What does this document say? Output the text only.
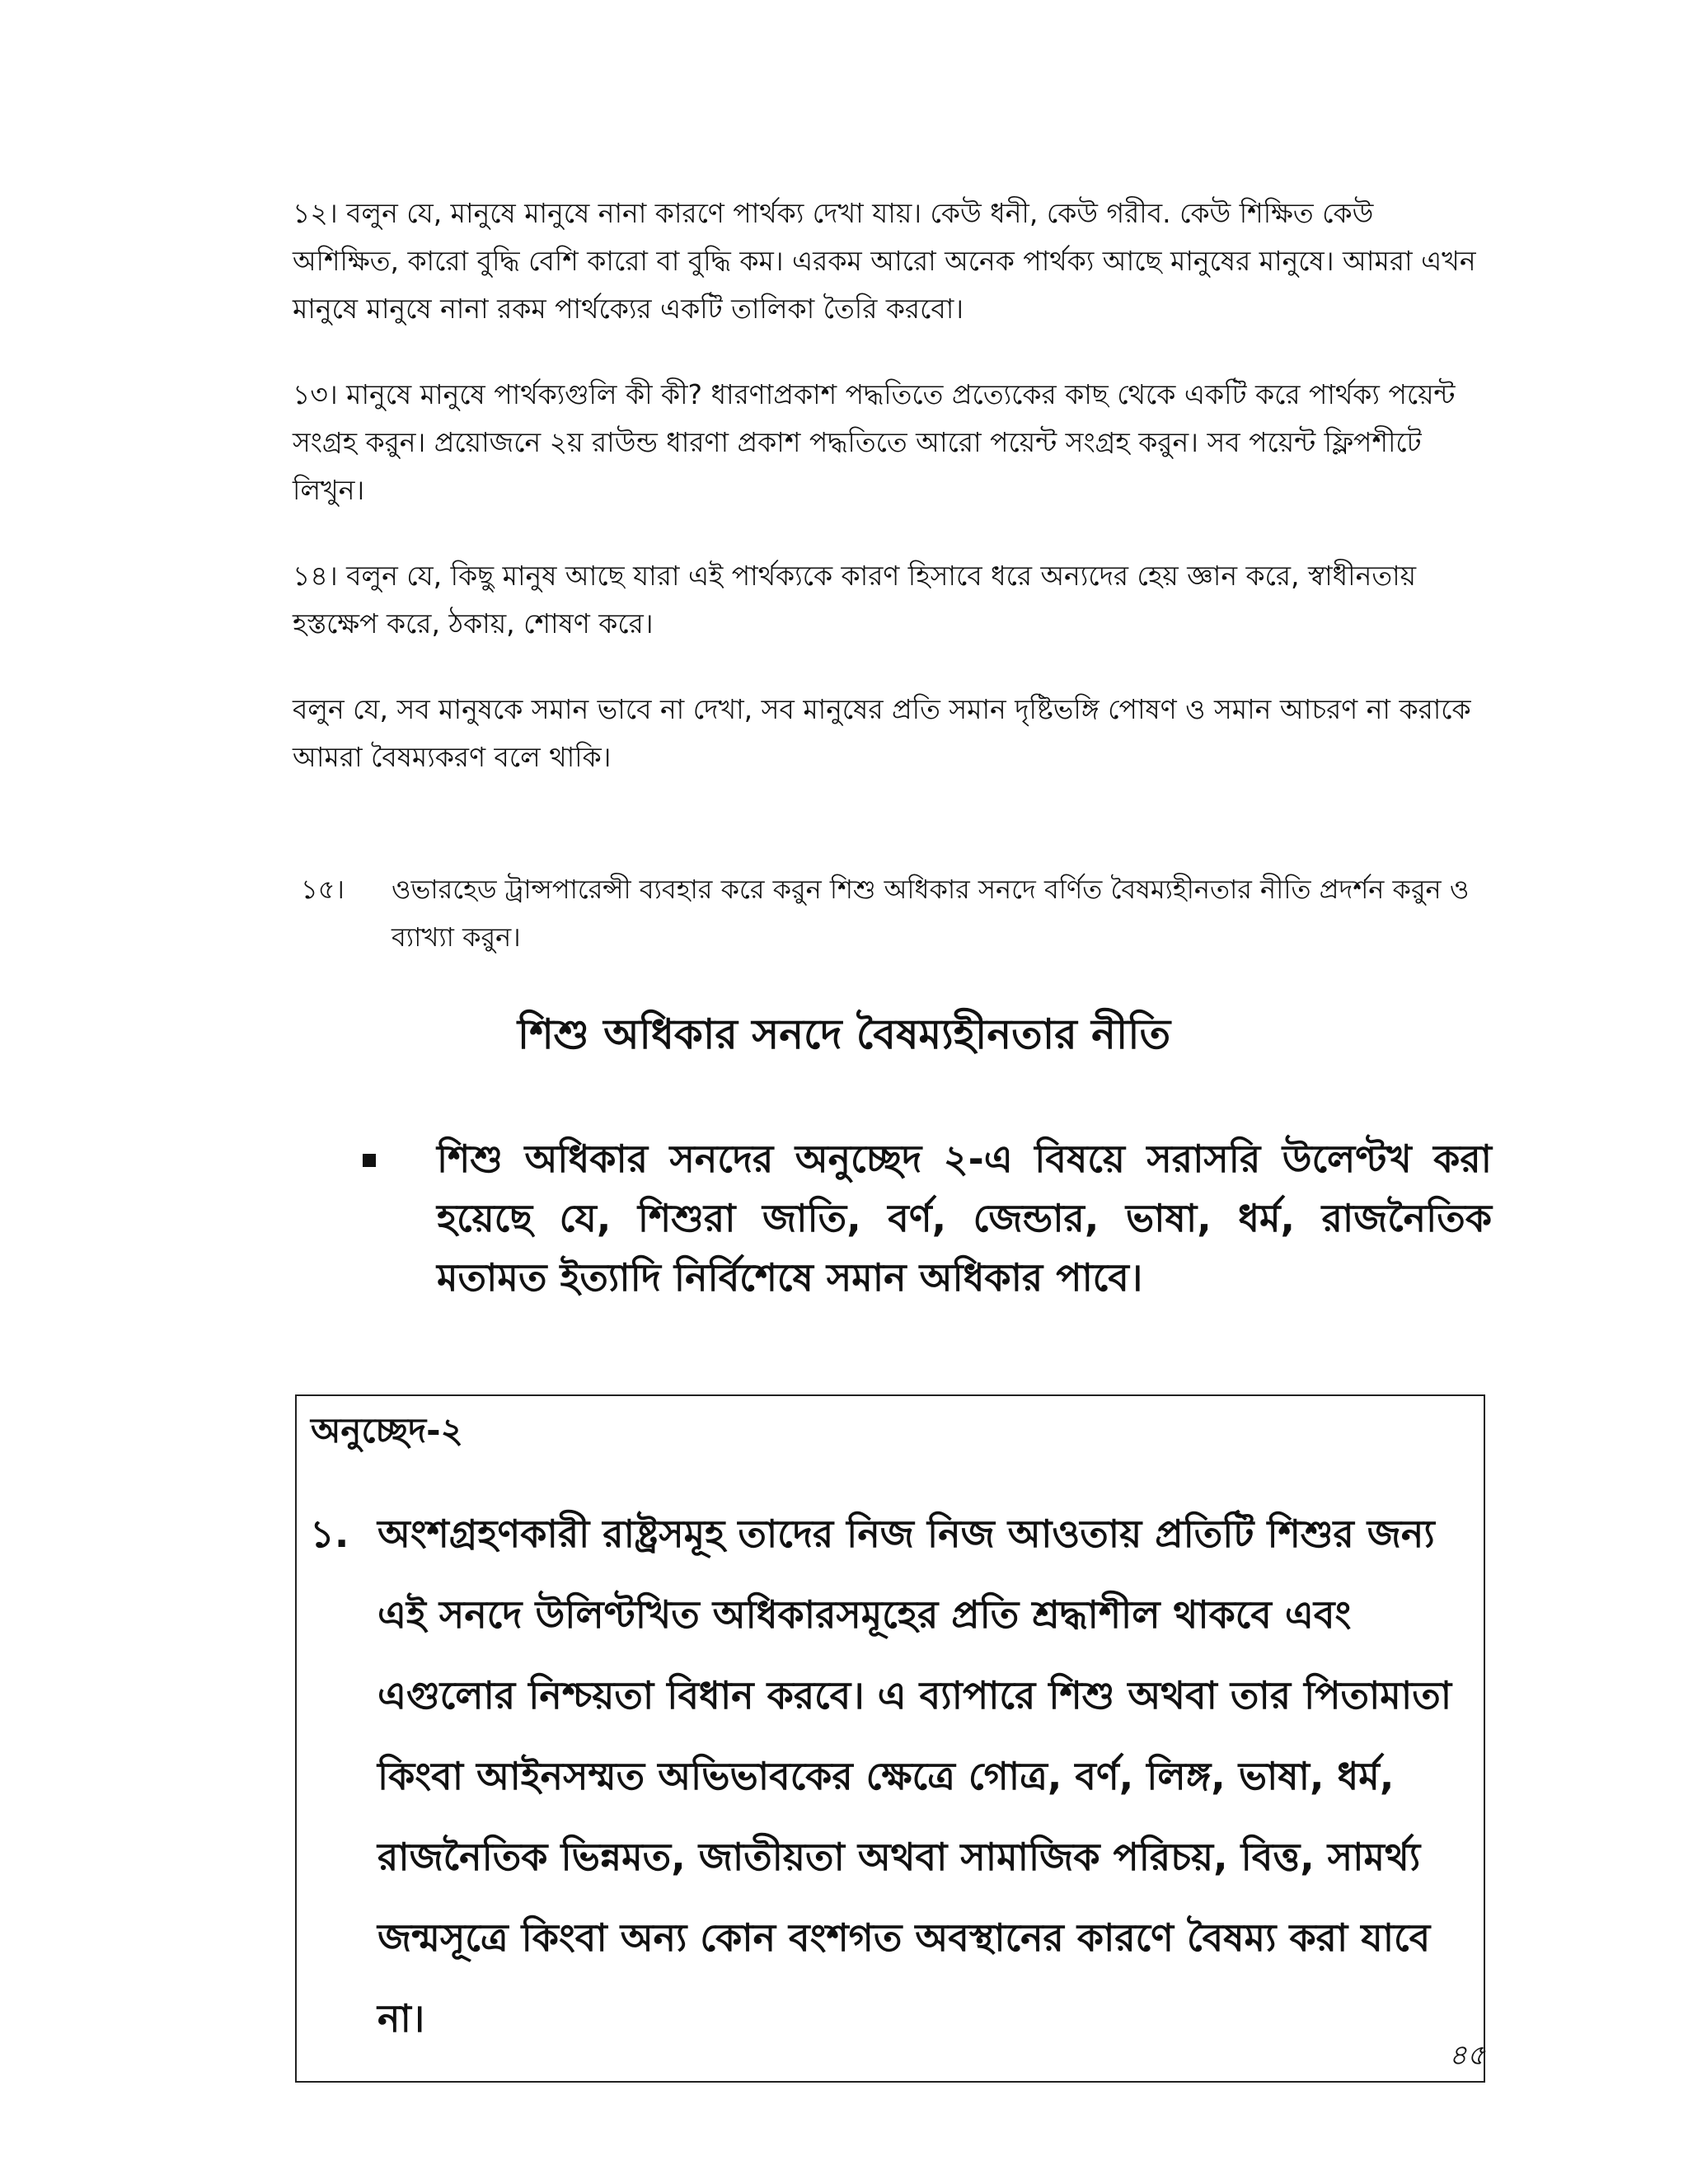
১২। বলুন যে, মানুষে মানুষে নানা কারণে পার্থক্য দেখা যায়। কেউ ধনী, কেউ গরীব. কেউ শিক্ষিত কেউ অশিক্ষিত, কারো বুদ্ধি বেশি কারো বা বুদ্ধি কম। এরকম আরো অনেক পার্থক্য আছে মানুষের মানুষে। আমরা এখন মানুষে মানুষে নানা রকম পার্থক্যের একটি তালিকা তৈরি করবো।

১৩। মানুষে মানুষে পার্থক্যগুলি কী কী? ধারণাপ্রকাশ পদ্ধতিতে প্রত্যেকের কাছ থেকে একটি করে পার্থক্য পয়েন্ট সংগ্রহ কর‍ুন। প্রয়োজনে ২য় রাউন্ড ধারণা প্রকাশ পদ্ধতিতে আরো পয়েন্ট সংগ্রহ কর‍ুন। সব পয়েন্ট ফ্লিপশীটে লিখুন।

১৪। বলুন যে, কিছু মানুষ আছে যারা এই পার্থক্যকে কারণ হিসাবে ধরে অন্যদের হেয় জ্ঞান করে, স্বাধীনতায় হস্তক্ষেপ করে, ঠকায়, শোষণ করে।

বলুন যে, সব মানুষকে সমান ভাবে না দেখা, সব মানুষের প্রতি সমান দৃষ্টিভঙ্গি পোষণ ও সমান আচরণ না করাকে আমরা বৈষম্যকরণ বলে থাকি।

১৫।	ওভারহেড ট্রান্সপারেন্সী ব্যবহার করে কর‍ুন শিশু অধিকার সনদে বর্ণিত বৈষম্যহীনতার নীতি প্রদর্শন কর‍ুন ও ব্যাখ্যা কর‍ুন।
শিশু অধিকার সনদে বৈষম্যহীনতার নীতি

শিশু অধিকার সনদের অনুচ্ছেদ ২-এ বিষয়ে সরাসরি উলেণ্টখ করা হয়েছে যে, শিশুরা জাতি, বর্ণ, জেন্ডার, ভাষা, ধর্ম, রাজনৈতিক মতামত ইত্যাদি নির্বিশেষে সমান অধিকার পাবে।

অনুচ্ছেদ-২

১. অংশগ্রহণকারী রাষ্ট্রসমূহ তাদের নিজ নিজ আওতায় প্রতিটি শিশুর জন্য এই সনদে উলিণ্টখিত অধিকারসমূহের প্রতি শ্রদ্ধাশীল থাকবে এবং এগুলোর নিশ্চয়তা বিধান করবে। এ ব্যাপারে শিশু অথবা তার পিতামাতা কিংবা আইনসম্মত অভিভাবকের ক্ষেত্রে গোত্র, বর্ণ, লিঙ্গ, ভাষা, ধর্ম, রাজনৈতিক ভিন্নমত, জাতীয়তা অথবা সামাজিক পরিচয়, বিত্ত, সামর্থ্য জন্মসূত্রে কিংবা অন্য কোন বংশগত অবস্থানের কারণে বৈষম্য করা যাবে না।

৪৫
